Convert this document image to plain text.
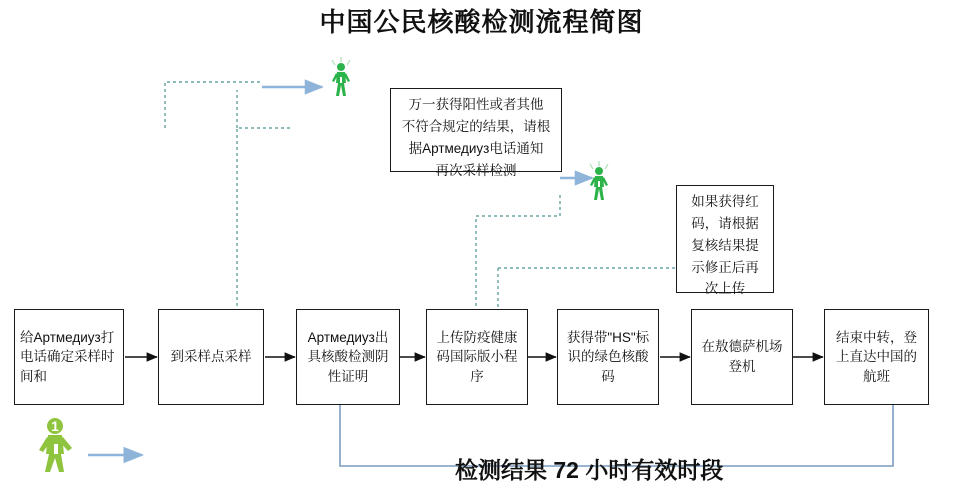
中国公民核酸检测流程简图
给Артмедиуз打电话确定采样时间和
到采样点采样
Артмедиуз出具核酸检测阴性证明
上传防疫健康码国际版小程序
获得带"HS"标识的绿色核酸码
在敖德萨机场登机
结束中转，登上直达中国的航班
万一获得阳性或者其他
不符合规定的结果，请根
据Артмедиуз电话通知
再次采样检测
如果获得红
码，请根据
复核结果提
示修正后再
次上传
检测结果 72 小时有效时段
1
